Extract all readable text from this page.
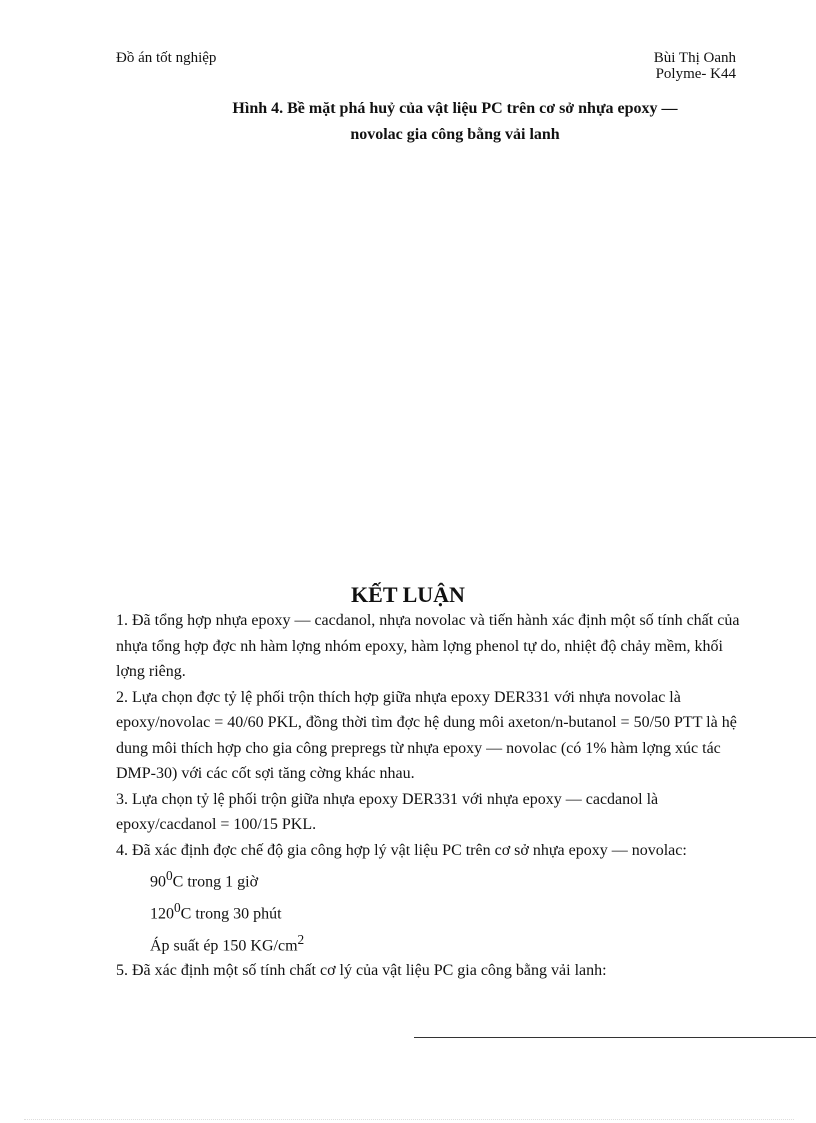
Đồ án tốt nghiệp	Bùi Thị Oanh
Polyme- K44
Hình 4. Bề mặt phá huỷ của vật liệu PC trên cơ sở nhựa epoxy —
novolac gia công bằng vải lanh
KẾT LUẬN

1. Đã tổng hợp nhựa epoxy — cacdanol, nhựa novolac và tiến hành xác định một số tính chất của nhựa tổng hợp đợc nh hàm lợng nhóm epoxy, hàm lợng phenol tự do, nhiệt độ chảy mềm, khối lợng riêng.

2. Lựa chọn đợc tỷ lệ phối trộn thích hợp giữa nhựa epoxy DER331 với nhựa novolac là epoxy/novolac = 40/60 PKL, đồng thời tìm đợc hệ dung môi axeton/n-butanol = 50/50 PTT là hệ dung môi thích hợp cho gia công prepregs từ nhựa epoxy — novolac (có 1% hàm lợng xúc tác DMP-30) với các cốt sợi tăng cờng khác nhau.

3. Lựa chọn tỷ lệ phối trộn giữa nhựa epoxy DER331 với nhựa epoxy — cacdanol là epoxy/cacdanol = 100/15 PKL.

4. Đã xác định đợc chế độ gia công hợp lý vật liệu PC trên cơ sở nhựa epoxy — novolac:

$90^0C$ trong 1 giờ

$120^0C$ trong 30 phút

Áp suất ép 150 $KG/cm^2$

5. Đã xác định một số tính chất cơ lý của vật liệu PC gia công bằng vải lanh:
